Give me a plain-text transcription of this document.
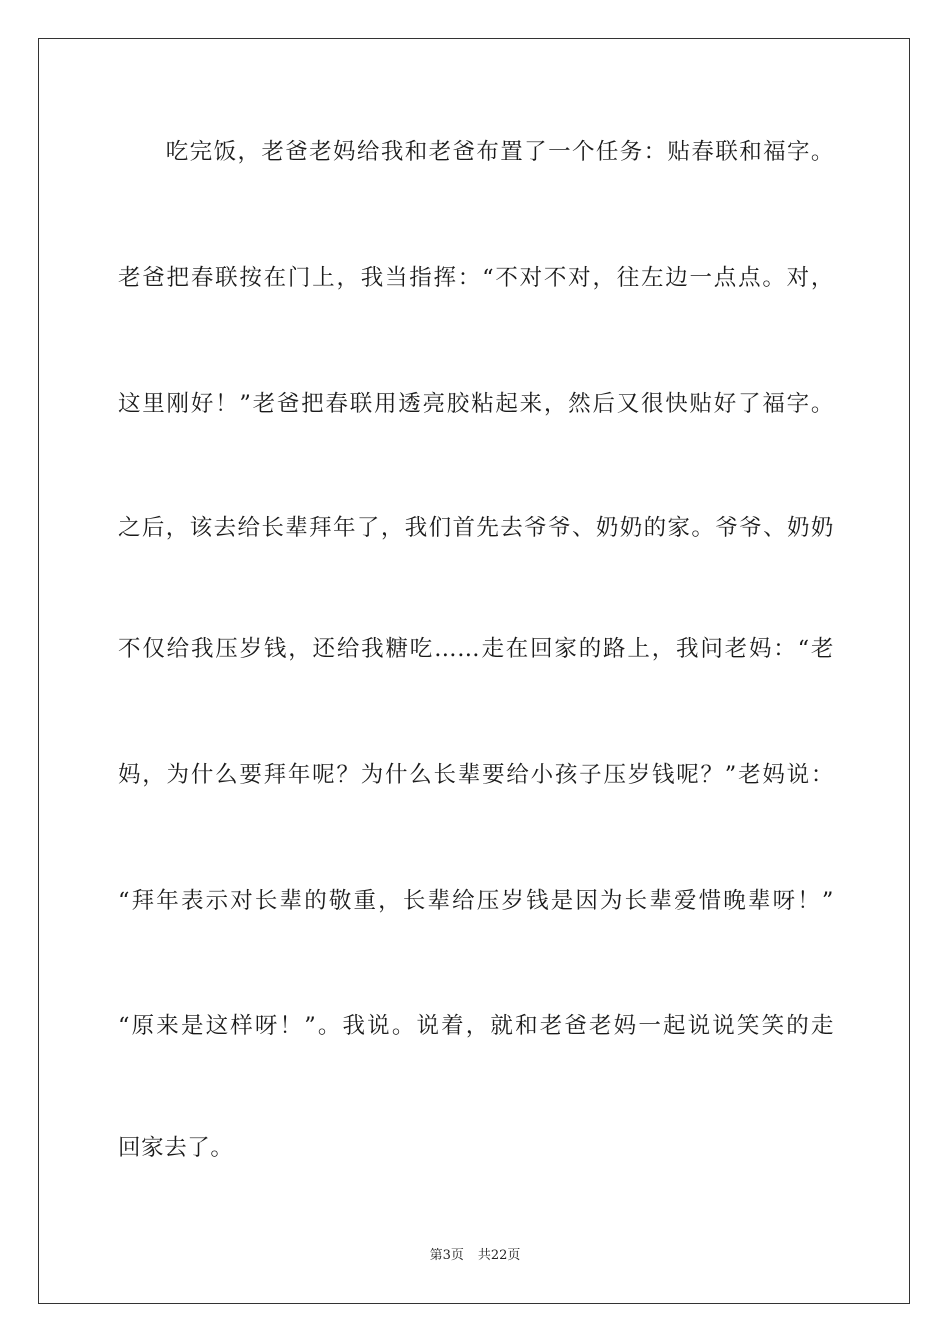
　　吃完饭，老爸老妈给我和老爸布置了一个任务：贴春联和福字。
老爸把春联按在门上，我当指挥：“不对不对，往左边一点点。对，
这里刚好！”老爸把春联用透亮胶粘起来，然后又很快贴好了福字。
之后，该去给长辈拜年了，我们首先去爷爷、奶奶的家。爷爷、奶奶
不仅给我压岁钱，还给我糖吃……走在回家的路上，我问老妈：“老
妈，为什么要拜年呢？为什么长辈要给小孩子压岁钱呢？”老妈说：
“拜年表示对长辈的敬重，长辈给压岁钱是因为长辈爱惜晚辈呀！”
“原来是这样呀！”。我说。说着，就和老爸老妈一起说说笑笑的走
回家去了。
第3页 共22页
